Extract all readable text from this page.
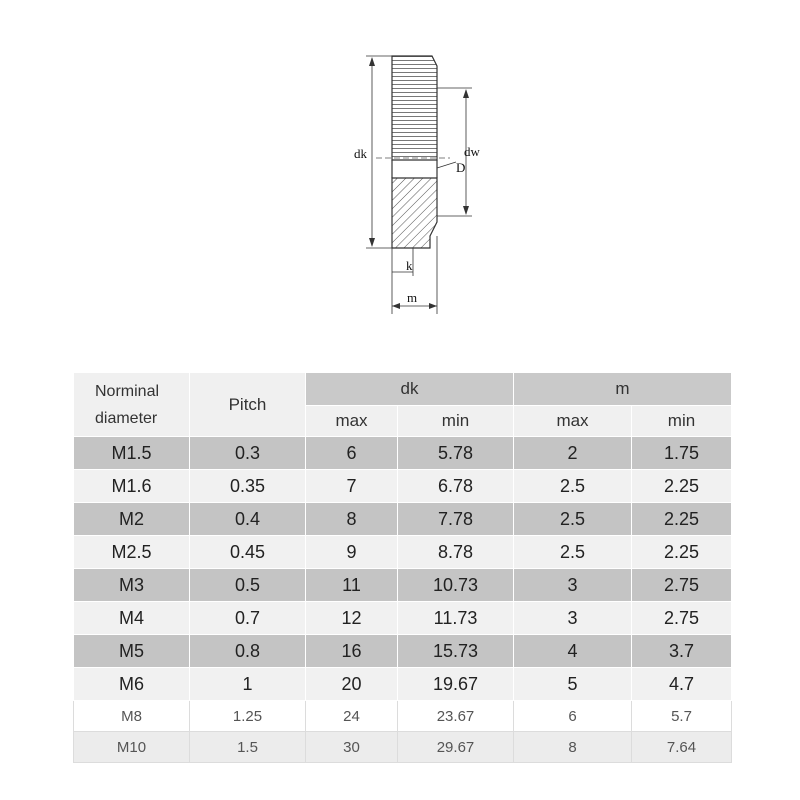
dk	dw
D
k
m
Norminal
diameter	Pitch	dk		m	
		max	min	max	min
M1.5	0.3	6	5.78	2	1.75
M1.6	0.35	7	6.78	2.5	2.25
M2	0.4	8	7.78	2.5	2.25
M2.5	0.45	9	8.78	2.5	2.25
M3	0.5	11	10.73	3	2.75
M4	0.7	12	11.73	3	2.75
M5	0.8	16	15.73	4	3.7
M6	1	20	19.67	5	4.7
M8	1.25	24	23.67	6	5.7
M10	1.5	30	29.67	8	7.64
